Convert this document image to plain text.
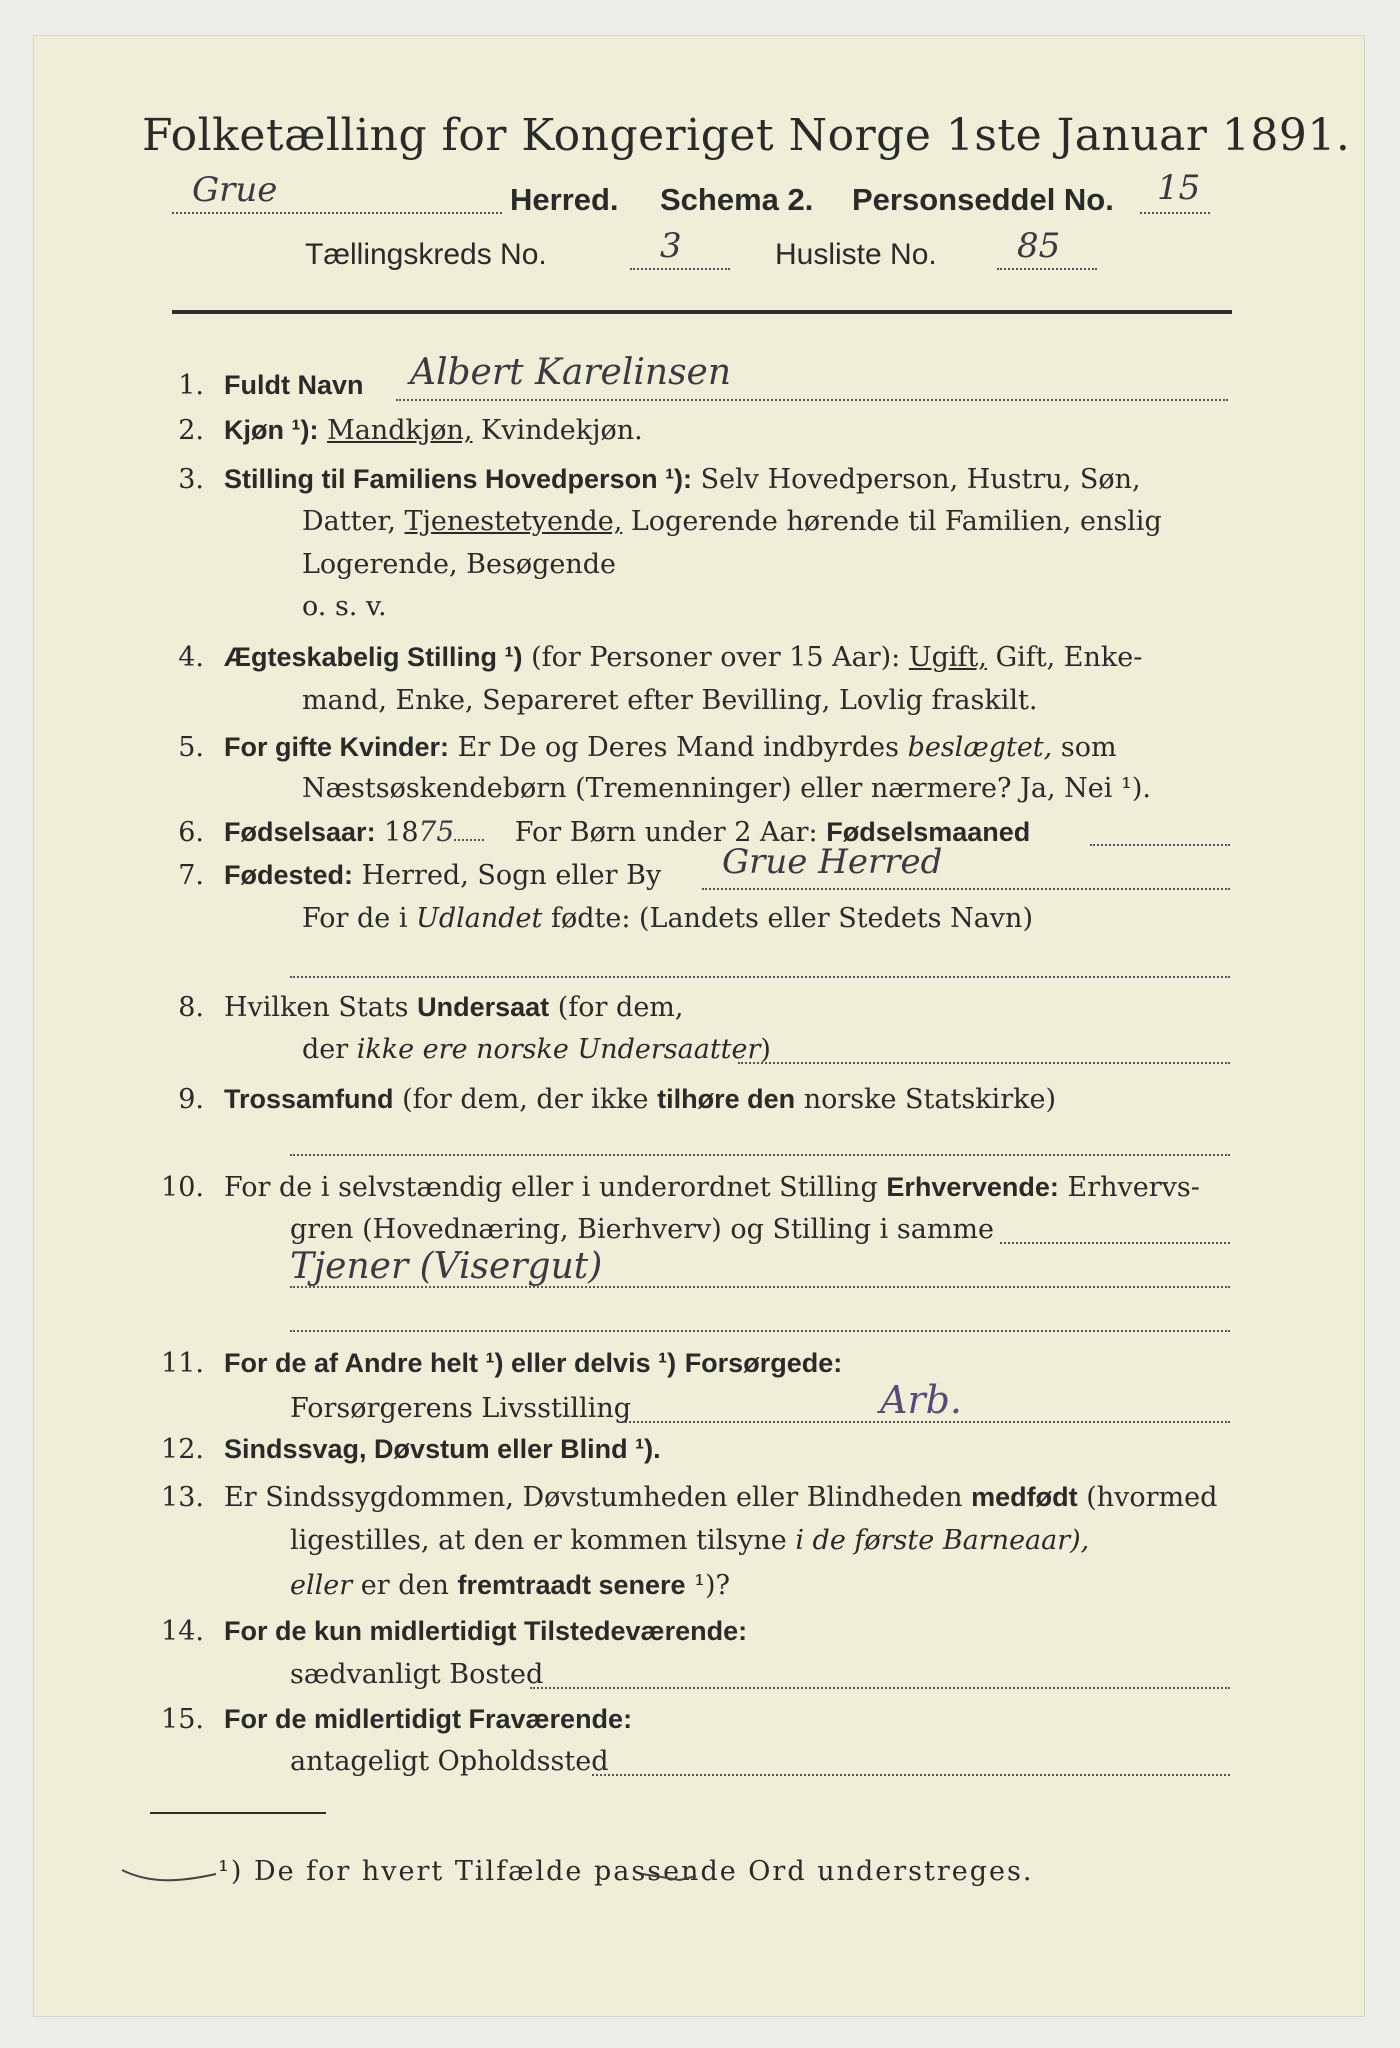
Folketælling for Kongeriget Norge 1ste Januar 1891.
Grue	Herred. Schema 2. Personseddel No. 15
Tællingskreds No.	3	Husliste No. 85
1. Fuldt Navn Albert Karelinsen
2. Kjøn ¹): Mandkjøn, Kvindekjøn.
3. Stilling til Familiens Hovedperson ¹): Selv Hovedperson, Hustru, Søn,
Datter, Tjenestetyende, Logerende hørende til Familien, enslig
Logerende, Besøgende
o. s. v.
4. Ægteskabelig Stilling ¹) (for Personer over 15 Aar): Ugift, Gift, Enke-
mand, Enke, Separeret efter Bevilling, Lovlig fraskilt.
5. For gifte Kvinder: Er De og Deres Mand indbyrdes beslægtet, som
Næstsøskendebørn (Tremenninger) eller nærmere? Ja, Nei ¹).
6. Fødselsaar: 1875 For Børn under 2 Aar: Fødselsmaaned
7. Fødested: Herred, Sogn eller By Grue Herred
For de i Udlandet fødte: (Landets eller Stedets Navn)
8. Hvilken Stats Undersaat (for dem,
der ikke ere norske Undersaatter)
9. Trossamfund (for dem, der ikke tilhøre den norske Statskirke)
10. For de i selvstændig eller i underordnet Stilling Erhvervende: Erhvervs-
gren (Hovednæring, Bierhverv) og Stilling i samme
Tjener (Visergut)
11. For de af Andre helt ¹) eller delvis ¹) Forsørgede:
Forsørgerens Livsstilling	Arb.
12. Sindssvag, Døvstum eller Blind ¹).
13. Er Sindssygdommen, Døvstumheden eller Blindheden medfødt (hvormed
ligestilles, at den er kommen tilsyne i de første Barneaar),
eller er den fremtraadt senere ¹)?
14. For de kun midlertidigt Tilstedeværende:
sædvanligt Bosted
15. For de midlertidigt Fraværende:
antageligt Opholdssted
¹) De for hvert Tilfælde passende Ord understreges.
